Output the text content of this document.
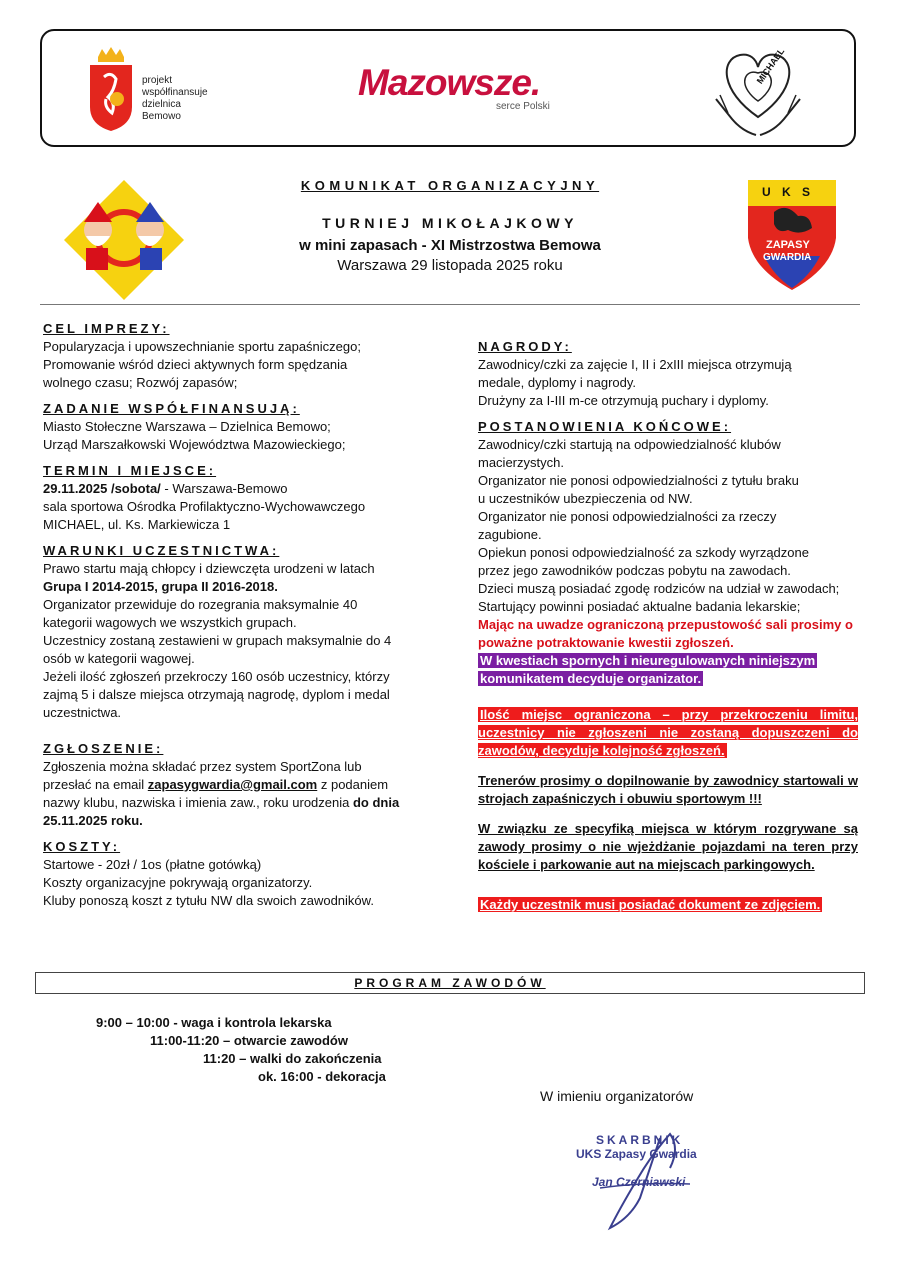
projekt
współfinansuje
dzielnica
Bemowo
Mazowsze.
serce Polski
MICHAEL
KOMUNIKAT ORGANIZACYJNY
TURNIEJ MIKOŁAJKOWY
w mini zapasach - XI Mistrzostwa Bemowa
Warszawa 29 listopada 2025 roku
U K S
ZAPASY
GWARDIA
CEL IMPREZY:
Popularyzacja i upowszechnianie sportu zapaśniczego;
Promowanie wśród dzieci aktywnych form spędzania
wolnego czasu; Rozwój zapasów;
ZADANIE WSPÓŁFINANSUJĄ:
Miasto Stołeczne Warszawa – Dzielnica Bemowo;
Urząd Marszałkowski Województwa Mazowieckiego;
TERMIN I MIEJSCE:
29.11.2025 /sobota/ - Warszawa-Bemowo
sala sportowa Ośrodka Profilaktyczno-Wychowawczego
MICHAEL, ul. Ks. Markiewicza 1
WARUNKI UCZESTNICTWA:
Prawo startu mają chłopcy i dziewczęta urodzeni w latach
Grupa I 2014-2015, grupa II 2016-2018.
Organizator przewiduje do rozegrania maksymalnie 40
kategorii wagowych we wszystkich grupach.
Uczestnicy zostaną zestawieni w grupach maksymalnie do 4
osób w kategorii wagowej.
Jeżeli ilość zgłoszeń przekroczy 160 osób uczestnicy, którzy
zajmą 5 i dalsze miejsca otrzymają nagrodę, dyplom i medal
uczestnictwa.
ZGŁOSZENIE:
Zgłoszenia można składać przez system SportZona lub
przesłać na email zapasygwardia@gmail.com z podaniem
nazwy klubu, nazwiska i imienia zaw., roku urodzenia do dnia
25.11.2025 roku.
KOSZTY:
Startowe - 20zł / 1os (płatne gotówką)
Koszty organizacyjne pokrywają organizatorzy.
Kluby ponoszą koszt z tytułu NW dla swoich zawodników.
NAGRODY:
Zawodnicy/czki za zajęcie I, II i 2xIII miejsca otrzymują
medale, dyplomy i nagrody.
Drużyny za I-III m-ce otrzymują puchary i dyplomy.
POSTANOWIENIA KOŃCOWE:
Zawodnicy/czki startują na odpowiedzialność klubów
macierzystych.
Organizator nie ponosi odpowiedzialności z tytułu braku
u uczestników ubezpieczenia od NW.
Organizator nie ponosi odpowiedzialności za rzeczy
zagubione.
Opiekun ponosi odpowiedzialność za szkody wyrządzone
przez jego zawodników podczas pobytu na zawodach.
Dzieci muszą posiadać zgodę rodziców na udział w zawodach;
Startujący powinni posiadać aktualne badania lekarskie;
Mając na uwadze ograniczoną przepustowość sali prosimy o
poważne potraktowanie kwestii zgłoszeń.
W kwestiach spornych i nieuregulowanych niniejszym
komunikatem decyduje organizator.
Ilość miejsc ograniczona – przy przekroczeniu limitu, uczestnicy nie zgłoszeni nie zostaną dopuszczeni do zawodów, decyduje kolejność zgłoszeń.
Trenerów prosimy o dopilnowanie by zawodnicy startowali w strojach zapaśniczych i obuwiu sportowym !!!
W związku ze specyfiką miejsca w którym rozgrywane są zawody prosimy o nie wjeżdżanie pojazdami na teren przy kościele i parkowanie aut na miejscach parkingowych.
Każdy uczestnik musi posiadać dokument ze zdjęciem.
PROGRAM ZAWODÓW
9:00 – 10:00 - waga i kontrola lekarska
11:00-11:20 – otwarcie zawodów
11:20 – walki do zakończenia
ok. 16:00 - dekoracja
W imieniu organizatorów
SKARBNIK
UKS Zapasy Gwardia
Jan Czerniawski
